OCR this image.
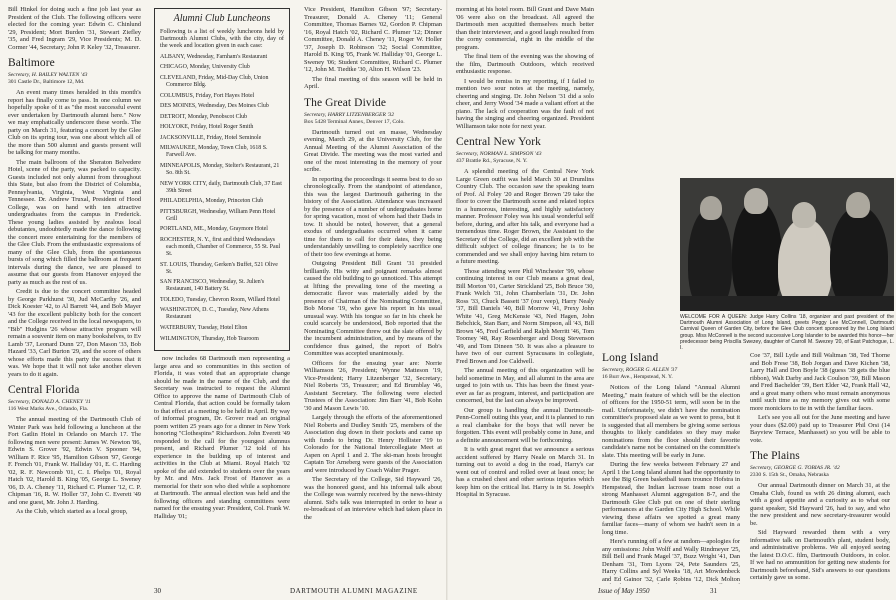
Bill Hinkel for doing such a fine job last year as President of the Club. The following officers were elected for the coming year: Edwin C. Chinlund '29, President; Mort Burden '31, Stewart Ziefley '35, and Fred Ingram '29, Vice Presidents; M. D. Cormer '44, Secretary; John P. Keley '32, Treasurer.

Baltimore
Secretary, H. BAILEY WALTEN '43
301 Castle Dr., Baltimore 12, Md.

An event many times heralded in this month's report has finally come to pass. In one column we hopefully spoke of it as "the most successful event ever undertaken by Dartmouth alumni here." Now we may emphatically underscore these words. The party on March 31, featuring a concert by the Glee Club on its spring tour, was one about which all of the more than 500 alumni and guests present will be talking for many months.

The main ballroom of the Sheraton Belvedere Hotel, scene of the party, was packed to capacity. Guests included not only alumni from throughout this State, but also from the District of Columbia, Pennsylvania, Virginia, West Virginia and Tennessee. Dr. Andrew Truxal, President of Hood College, was on hand with ten attractive undergraduates from the campus in Frederick. These young ladies assisted by zealous local debutantes, undoubtedly made the dance following the concert more entertaining for the members of the Glee Club. From the enthusiastic expressions of many of the Glee Club, from the spontaneous bursts of song which filled the ballroom at frequent intervals during the dance, we are pleased to assume that our guests from Hanover enjoyed the party as much as the rest of us.

Credit is due to the concert committee headed by George Parkhurst '30, Jud McCarthy '26, and Dick Koester '42, to Al Barrett '44, and Bob Mayer '43 for the excellent publicity both for the concert and the College received in the local newspapers, to "Bib" Hudgins '26 whose attractive program will remain a souvenir item on many bookshelves, to Ev Lamb '37, Leonard Dunn '27, Don Mason '33, Bob Hazard '33, Carl Burton '29, and the score of others whose efforts made this party the success that it was. We hope that it will not take another eleven years to do it again.

Central Florida
Secretary, DONALD A. CHENEY '11
116 West Marks Ave., Orlando, Fla.

The annual meeting of the Dartmouth Club of Winter Park was held following a luncheon at the Fort Gatlin Hotel in Orlando on March 17. The following men were present: James W. Newton '86, Edwin S. Grover '92, Edwin V. Spooner '94, William F. Rice '95, Hamilton Gibson '97, George F. French '01, Frank W. Halliday '01, E. C. Harding '02, R. F. Newcomb '01, C. I. Phelps '01, Royal Hatch '02, Harold B. King '05, George L. Sweney '06, D. A. Cheney '11, Richard C. Plumer '12, C. P. Chipman '16, R. W. Holler '37, John C. Everett '49 and one guest, Mr. John J. Harding.

As the Club, which started as a local group,

Alumni Club Luncheons

Following is a list of weekly luncheons held by Dartmouth Alumni Clubs, with the city, day of the week and location given in each case:

ALBANY, Wednesday, Farnham's Restaurant
CHICAGO, Monday, University Club
CLEVELAND, Friday, Mid-Day Club, Union Commerce Bldg.
COLUMBUS, Friday, Fort Hayes Hotel
DES MOINES, Wednesday, Des Moines Club
DETROIT, Monday, Penobscot Club
HOLYOKE, Friday, Hotel Roger Smith
JACKSONVILLE, Friday, Hotel Seminole
MILWAUKEE, Monday, Town Club, 1618 S. Farwell Ave.
MINNEAPOLIS, Monday, Stelter's Restaurant, 21 So. 8th St.
NEW YORK CITY, daily, Dartmouth Club, 37 East 39th Street
PHILADELPHIA, Monday, Princeton Club
PITTSBURGH, Wednesday, William Penn Hotel Grill
PORTLAND, ME., Monday, Graymore Hotel
ROCHESTER, N. Y., first and third Wednesdays each month, Chamber of Commerce, 55 St. Paul St.
ST. LOUIS, Thursday, Gerken's Buffet, 521 Olive St.
SAN FRANCISCO, Wednesday, St. Julien's Restaurant, 140 Battery St.
TOLEDO, Tuesday, Chevron Room, Willard Hotel
WASHINGTON, D. C., Tuesday, New Athens Restaurant
WATERBURY, Tuesday, Hotel Elton
WILMINGTON, Thursday, Hob Tearoom

now includes 68 Dartmouth men representing a large area and so communities in this section of Florida, it was voted that an appropriate change should be made in the name of the Club, and the Secretary was instructed to request the Alumni Office to approve the name of Dartmouth Club of Central Florida, that action could be formally taken to that effect at a meeting to be held in April. By way of informal program, Dr. Grover read an original poem written 25 years ago for a dinner in New York honoring "Clothespins" Richardson. John Everett '49 responded to the call for the youngest alumnus present, and Richard Plumer '12 told of his experience in the building up of interest and activities in the Club at Miami. Royal Hatch '02 spoke of the aid extended to students over the years by Mr. and Mrs. Jack Frost of Hanover as a memorial for their son who died while a sophomore at Dartmouth. The annual election was held and the following officers and standing committees were named for the ensuing year: President, Col. Frank W. Halliday '01;

Vice President, Hamilton Gibson '97; Secretary-Treasurer, Donald A. Cheney '11; General Committee, Thomas Barnes '02, Gordon P. Chipman '16, Royal Hatch '02, Richard C. Plumer '12; Dinner Committee, Donald A. Cheney '11, Roger W. Holler '37, Joseph D. Robinson '32; Social Committee, Harold B. King '05, Frank W. Halliday '01, George L. Sweney '06; Student Committee, Richard C. Plumer '12, John M. Tiedtke '30, Alton H. Wilson '23.

The final meeting of this season will be held in April.

The Great Divide
Secretary, HARRY LITZENBERGER '32
Box 5428 Terminal Annex, Denver 17, Colo.

Dartmouth turned out en masse, Wednesday evening, March 29, at the University Club, for the Annual Meeting of the Alumni Association of the Great Divide. The meeting was the most varied and one of the most interesting in the memory of your scribe.

In reporting the proceedings it seems best to do so chronologically. From the standpoint of attendance, this was the largest Dartmouth gathering in the history of the Association. Attendance was increased by the presence of a number of undergraduates home for spring vacation, most of whom had their Dads in tow. It should be noted, however, that a general exodus of undergraduates occurred when it came time for them to call for their dates, they being understandably unwilling to completely sacrifice one of their too few evenings at home.

Outgoing President Bill Grant '31 presided brilliantly. His witty and poignant remarks almost caused the old building to go unnoticed. This attempt at lifting the prevailing tone of the meeting a democratic flavor was materially aided by the presence of Chairman of the Nominating Committee, Bob Morse '19, who gave his report in his usual unusual way. With his tongue so far in his cheek he could scarcely be understood, Bob reported that the Nominating Committee threw out the slate offered by the incumbent administration, and by means of the confidence thus gained, the report of Bob's Committee was accepted unanimously.

Officers for the ensuing year are: Norrie Williamson '26, President; Wynne Matteson '19, Vice-President; Harry Litzenberger '32, Secretary; Niel Roberts '35, Treasurer; and Ed Brumblay '46, Assistant Secretary. The following were elected Trustees of the Association: Jim Barr '41, Bob Kohn '30 and Mason Lewis '10.

Largely through the efforts of the aforementioned Niel Roberts and Dudley Smith '25, members of the Association dug down in their pockets and came up with funds to bring Dr. Henry Hollister '19 to Colorado for the National Intercollegiate Meet at Aspen on April 1 and 2. The ski-man hosts brought Captain Tor Arneberg were guests of the Association and were introduced by Coach Walter Prager.

The Secretary of the College, Sid Hayward '26, was the honored guest, and his informal talk about the College was warmly received by the news-thirsty alumni. Sid's talk was interrupted in order to hear a re-broadcast of an interview which had taken place in the

30	DARTMOUTH ALUMNI MAGAZINE

morning at his hotel room. Bill Grant and Dave Main '06 were also on the broadcast. All agreed the Dartmouth men acquitted themselves much better than their interviewer, and a good laugh resulted from the corny commercial, right in the middle of the program.

The final item of the evening was the showing of the film, Dartmouth Outdoors, which received enthusiastic response.

I would be remiss in my reporting, if I failed to mention two sour notes at the meeting, namely, cheering and singing. Dr. John Nelson '31 did a solo cheer, and Jerry Wood '34 made a valiant effort at the piano. The lack of cooperation was the fault of not having the singing and cheering organized. President Williamson take note for next year.

Central New York
Secretary, NORMAN L. SIMPSON '43
437 Brattle Rd., Syracuse, N. Y.

A splendid meeting of the Central New York Large Green outfit was held March 30 at Drumlins Country Club. The occasion saw the speaking team of Prof. Al Foley '20 and Roger Brown '29 take the floor to cover the Dartmouth scene and related topics in a humorous, interesting, and highly satisfactory manner. Professor Foley was his usual wonderful self before, during, and after his talk, and everyone had a tremendous time. Roger Brown, the Assistant to the Secretary of the College, did an excellent job with the difficult subject of college finances; he is to be commended and we shall enjoy having him return to a future meeting.

Those attending were Phil Winchester '99, whose continuing interest in our Club means a great deal, Bill Morton '01, Carter Strickland '25, Bob Bruce '30, Frank Welch '31, John Chamberlain '31, Dr. John Ross '33, Chuck Bassett '37 (our veep), Harry Nealy '37, Bill Daniels '40, Bill Morrow '41, Prexy John White '41, Greg McKensie '43, Ned Hagen, John Bebchick, Stan Barr, and Norm Simpson, all '43, Bill Brown '45, Fred Garfield and Ralph Merritt '46, Tom Toomey '48, Ray Rosenberger and Doug Stevenson '49, and Tom Dineen '50. It was also a pleasure to have two of our current Syracusans in collegiate, Fred Brown and Joe Caldwell.

The annual meeting of this organization will be held sometime in May, and all alumni in the area are urged to join with us. This has been the finest year-ever as far as program, interest, and participation are concerned, but the last can always be improved.

Our group is handling the annual Dartmouth-Penn-Cornell outing this year, and it is planned to run a real clambake for the boys that will never be forgotten. This event will probably come in June, and a definite announcement will be forthcoming.

It is with great regret that we announce a serious accident suffered by Harry Neale on March 31. In turning out to avoid a dog in the road, Harry's car went out of control and rolled over at least once; he has a crushed chest and other serious injuries which keep him on the critical list. Harry is in St. Joseph's Hospital in Syracuse.

WELCOME FOR A QUEEN: Judge Harry Collins '18, organizer and past president of the Dartmouth Alumni Association of Long Island, greets Peggy Lee McConnell, Dartmouth Carnival Queen of Garden City, before the Glee Club concert sponsored by the Long Island group. Miss McConnell is the second successive Long Islander to be awarded this honor—her predecessor being Priscilla Swezey, daughter of Carroll M. Swezey '20, of East Patchogue, L. I.

Long Island
Secretary, ROGER G. ALLEN '37
16 Burr Ave., Hempstead, N. Y.

Notices of the Long Island "Annual Alumni Meeting," main feature of which will be the election of officers for the 1950-51 term, will soon be in the mail. Unfortunately, we didn't have the nomination committee's proposed slate as we went to press, but it is suggested that all members be giving some serious thoughts to likely candidates so they may make nominations from the floor should their favorite candidate's name not be contained on the committee's slate. This meeting will be early in June.

During the few weeks between February 27 and April 1 the Long Island alumni had the opportunity to see the Big Green basketball team trounce Hofstra in Hempstead, the Indian lacrosse team nose out a strong Manhasset Alumni aggregation 8-7, and the Dartmouth Glee Club put on one of their sterling performances at the Garden City High School. While viewing these affairs we spotted a great many familiar faces—many of whom we hadn't seen in a long time.

Here's running off a few at random—apologies for any omissions: John Wolff and Wally Rindmeyer '25, Bill Bell and Frank Magel '37, Buzz Wright '41, Dan Denham '31, Tom Lyons '24, Pete Saunders '25, Harry Collins and Syl Weeks '18, Art Mowdenbeck and Ed Gainor '32, Carle Robins '12, Dick Molton

Coe '37, Bill Lytle and Bill Waltman '38, Ted Thorne and Bob Frese '38, Bob Jorgan and Dave Kichen '38, Larry Hall and Don Boyle '38 (guess '38 gets the blue ribbon), Walt Darby and Jack Coulson '39, Bill Mason and Fred Bachelder '39, Bert Elder '42, Frank Hall '42, and a great many others who must remain anonymous until such time as my memory gives out with some more monickers to tie in with the familiar faces.

Let's see you all out for the June meeting and have your dues ($2.00) paid up to Treasurer Phil Orsi (14 Bayview Terrace, Manhasset) so you will be able to vote.

The Plains
Secretary, GEORGE G. TOBIAS JR. '42
2330 S. 15th St., Omaha, Nebraska

Our annual Dartmouth dinner on March 31, at the Omaha Club, found us with 26 dining alumni, each with a good appetite and a curiosity as to what our guest speaker, Sid Hayward '26, had to say, and who the new president and new secretary-treasurer would be.

Sid Hayward rewarded them with a very informative talk on Dartmouth's plant, student body, and administrative problems. We all enjoyed seeing the latest D.O.C. film, Dartmouth Outdoors, in color. If we had no ammunition for getting new students for Dartmouth beforehand, Sid's answers to our questions certainly gave us some.

Issue of May 1950	31
